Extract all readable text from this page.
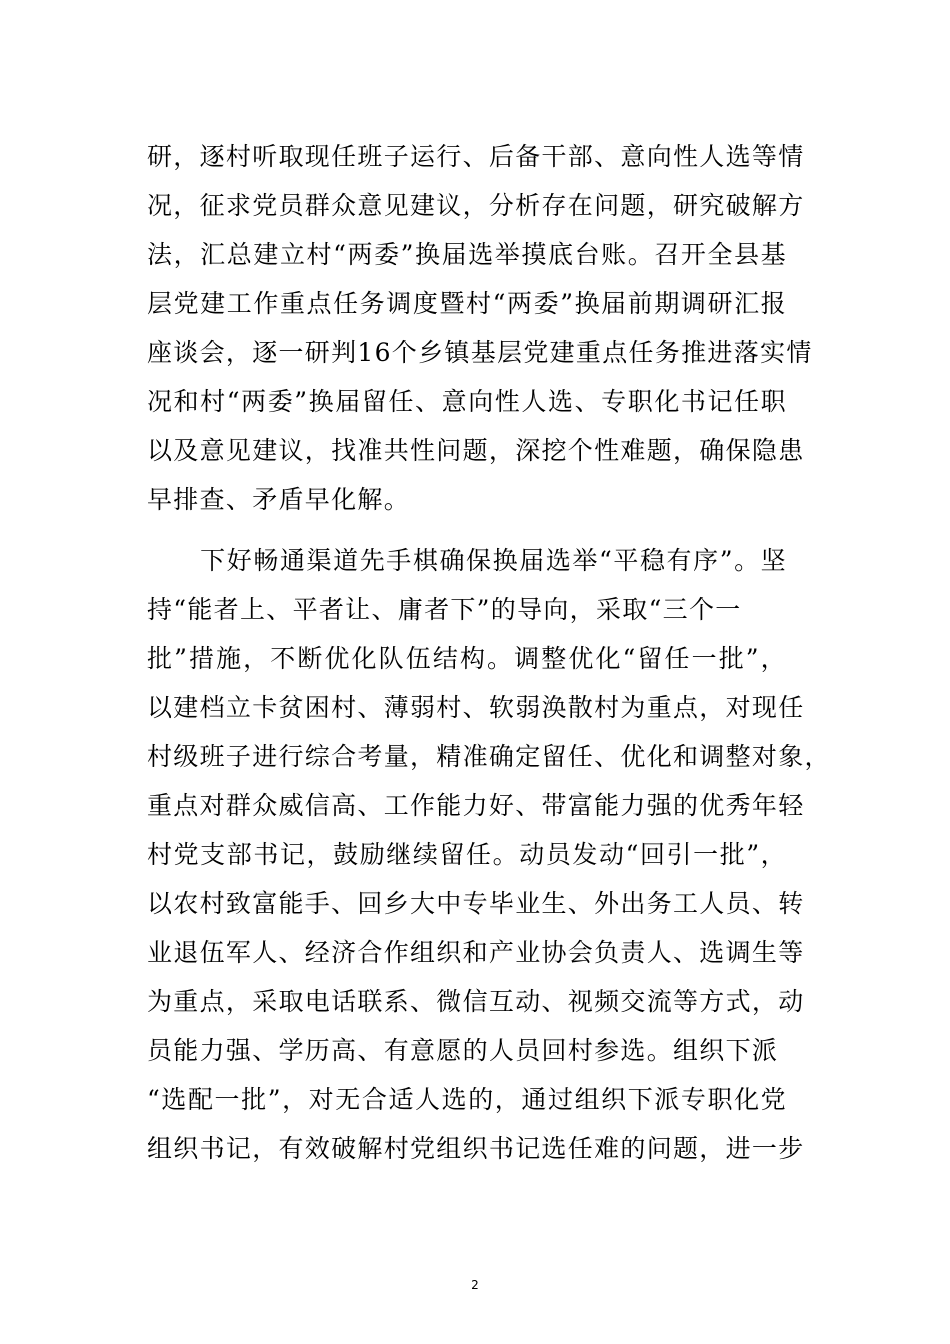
研，逐村听取现任班子运行、后备干部、意向性人选等情
况，征求党员群众意见建议，分析存在问题，研究破解方
法，汇总建立村“两委”换届选举摸底台账。召开全县基
层党建工作重点任务调度暨村“两委”换届前期调研汇报
座谈会，逐一研判16个乡镇基层党建重点任务推进落实情
况和村“两委”换届留任、意向性人选、专职化书记任职
以及意见建议，找准共性问题，深挖个性难题，确保隐患
早排查、矛盾早化解。
　　下好畅通渠道先手棋确保换届选举“平稳有序”。坚
持“能者上、平者让、庸者下”的导向，采取“三个一
批”措施，不断优化队伍结构。调整优化“留任一批”，
以建档立卡贫困村、薄弱村、软弱涣散村为重点，对现任
村级班子进行综合考量，精准确定留任、优化和调整对象，
重点对群众威信高、工作能力好、带富能力强的优秀年轻
村党支部书记，鼓励继续留任。动员发动“回引一批”，
以农村致富能手、回乡大中专毕业生、外出务工人员、转
业退伍军人、经济合作组织和产业协会负责人、选调生等
为重点，采取电话联系、微信互动、视频交流等方式，动
员能力强、学历高、有意愿的人员回村参选。组织下派
“选配一批”，对无合适人选的，通过组织下派专职化党
组织书记，有效破解村党组织书记选任难的问题，进一步
2
